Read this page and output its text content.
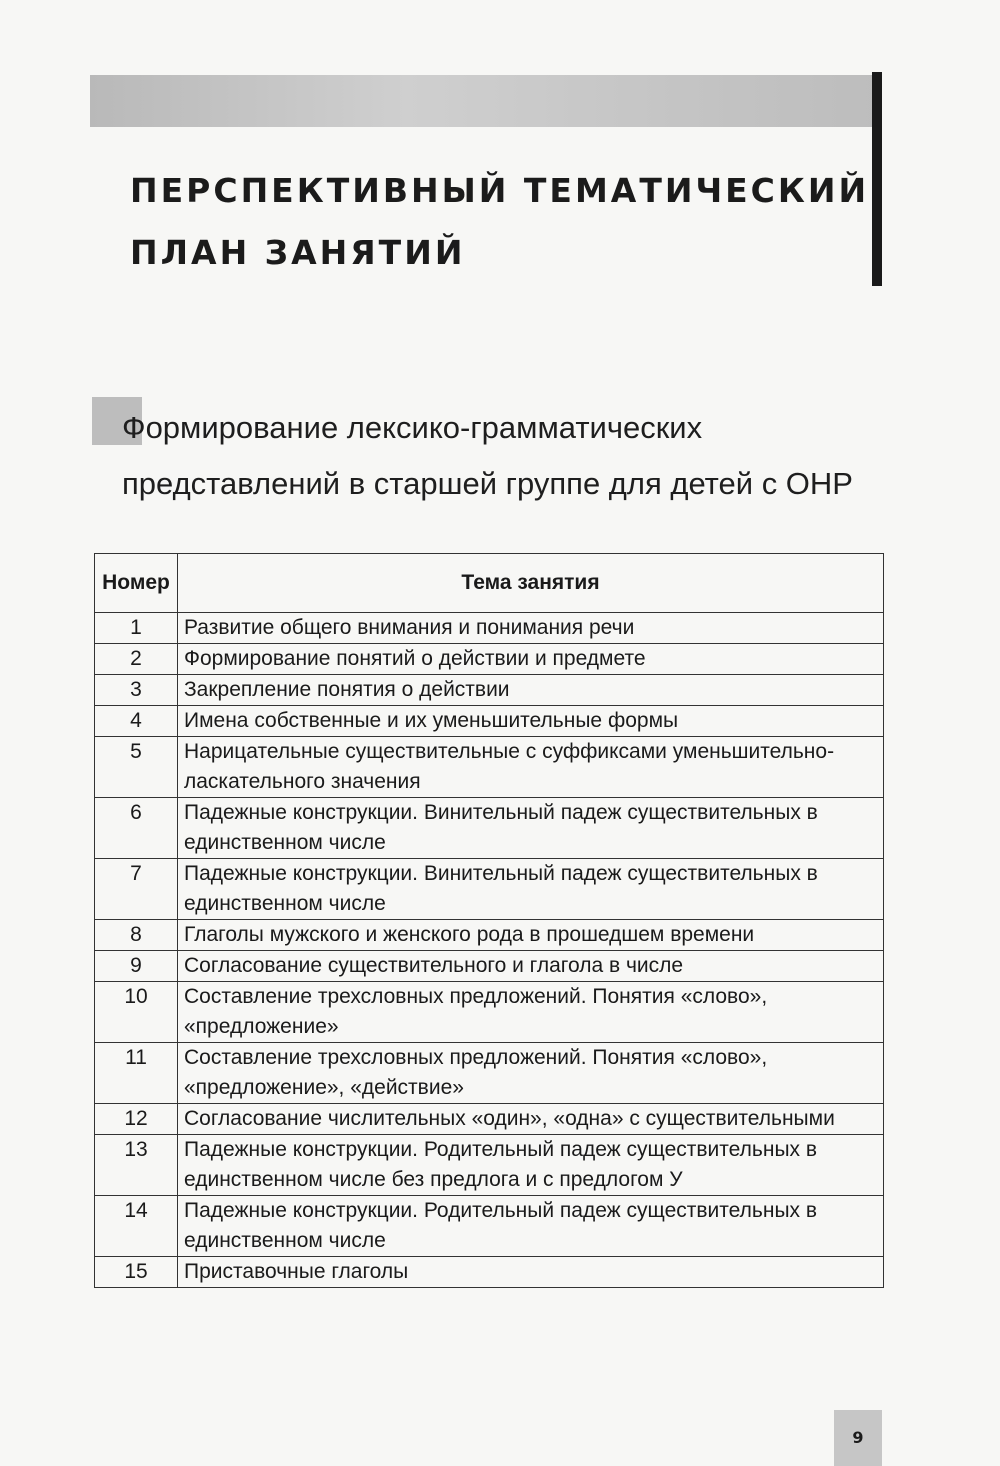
ПЕРСПЕКТИВНЫЙ ТЕМАТИЧЕСКИЙ ПЛАН ЗАНЯТИЙ
Формирование лексико-грамматических представлений в старшей группе для детей с ОНР
Номер	Тема занятия
1	Развитие общего внимания и понимания речи
2	Формирование понятий о действии и предмете
3	Закрепление понятия о действии
4	Имена собственные и их уменьшительные формы
5	Нарицательные существительные с суффиксами уменьшительно-ласкательного значения
6	Падежные конструкции. Винительный падеж существительных в единственном числе
7	Падежные конструкции. Винительный падеж существительных в единственном числе
8	Глаголы мужского и женского рода в прошедшем времени
9	Согласование существительного и глагола в числе
10	Составление трехсловных предложений. Понятия «слово», «предложение»
11	Составление трехсловных предложений. Понятия «слово», «предложение», «действие»
12	Согласование числительных «один», «одна» с существительными
13	Падежные конструкции. Родительный падеж существительных в единственном числе без предлога и с предлогом У
14	Падежные конструкции. Родительный падеж существительных в единственном числе
15	Приставочные глаголы
9
